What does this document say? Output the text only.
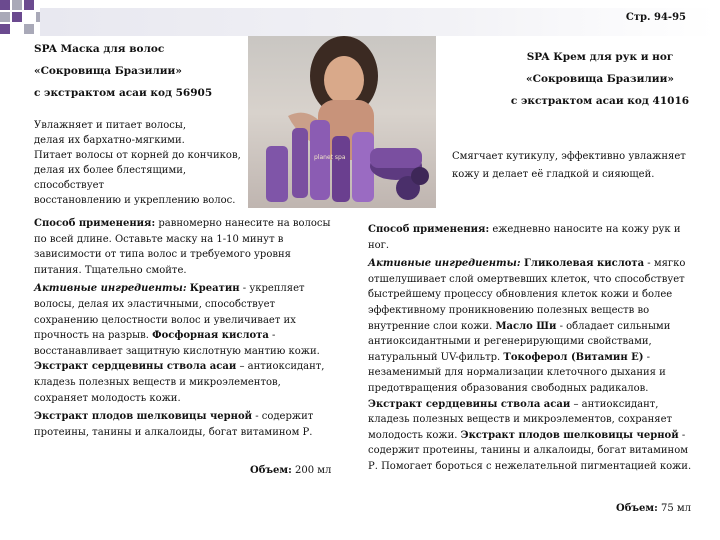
Стр. 94-95
SPA Маска для волос
«Сокровища Бразилии»
с экстрактом асаи код 56905
Увлажняет и питает волосы,
делая их бархатно-мягкими.
Питает волосы от корней до кончиков,
делая их более блестящими, способствует
восстановлению и укреплению волос.
planet spa
SPA Крем для рук и ног
«Сокровища Бразилии»
с экстрактом асаи код 41016
Смягчает кутикулу, эффективно увлажняет
кожу и делает её гладкой и сияющей.

Способ применения: равномерно нанесите на волосы по всей длине. Оставьте маску на 1-10 минут в зависимости от типа волос и требуемого уровня питания. Тщательно смойте.

Активные ингредиенты: Креатин - укрепляет волосы, делая их эластичными, способствует сохранению целостности волос и увеличивает их прочность на разрыв. Фосфорная кислота - восстанавливает защитную кислотную мантию кожи. Экстракт сердцевины ствола асаи – антиоксидант, кладезь полезных веществ и микроэлементов, сохраняет молодость кожи.

Экстракт плодов шелковицы черной - содержит протеины, танины и алкалоиды, богат витамином Р.

Объем: 200 мл

Способ применения: ежедневно наносите на кожу рук и ног.

Активные ингредиенты: Гликолевая кислота - мягко отшелушивает слой омертвевших клеток, что способствует быстрейшему процессу обновления клеток кожи и более эффективному проникновению полезных веществ во внутренние слои кожи. Масло Ши - обладает сильными антиоксидантными и регенерирующими свойствами, натуральный UV-фильтр. Токоферол (Витамин Е) - незаменимый для нормализации клеточного дыхания и предотвращения образования свободных радикалов. Экстракт сердцевины ствола асаи – антиоксидант, кладезь полезных веществ и микроэлементов, сохраняет молодость кожи. Экстракт плодов шелковицы черной - содержит протеины, танины и алкалоиды, богат витамином Р. Помогает бороться с нежелательной пигментацией кожи.

Объем: 75 мл
